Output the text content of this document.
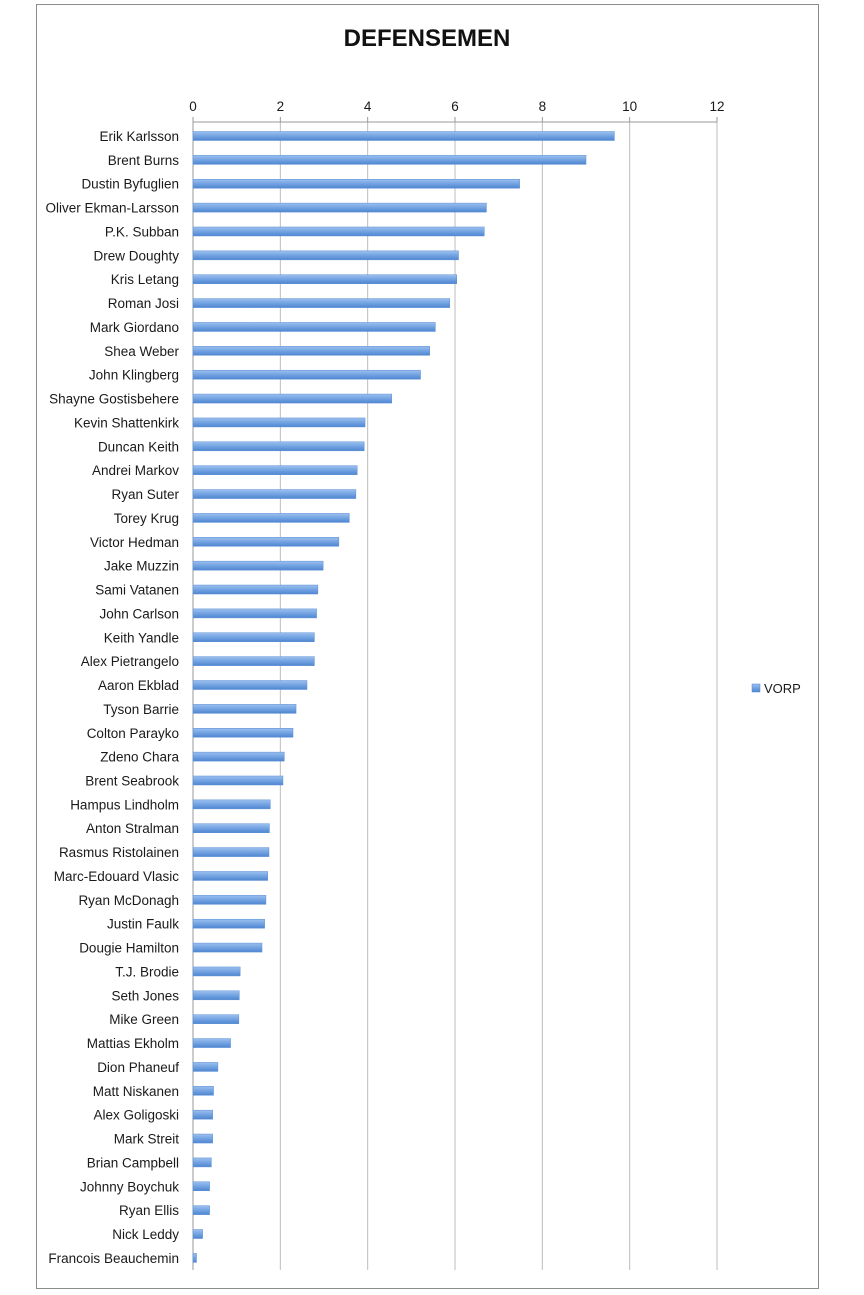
DEFENSEMEN
0	2	4	6	8	10	12
Erik Karlsson
Brent Burns
Dustin Byfuglien
Oliver Ekman-Larsson
P.K. Subban
Drew Doughty
Kris Letang
Roman Josi
Mark Giordano
Shea Weber
John Klingberg
Shayne Gostisbehere
Kevin Shattenkirk
Duncan Keith
Andrei Markov
Ryan Suter
Torey Krug
Victor Hedman
Jake Muzzin
Sami Vatanen
John Carlson
Keith Yandle
Alex Pietrangelo
Aaron Ekblad
Tyson Barrie
Colton Parayko
Zdeno Chara
Brent Seabrook
Hampus Lindholm
Anton Stralman
Rasmus Ristolainen
Marc-Edouard Vlasic
Ryan McDonagh
Justin Faulk
Dougie Hamilton
T.J. Brodie
Seth Jones
Mike Green
Mattias Ekholm
Dion Phaneuf
Matt Niskanen
Alex Goligoski
Mark Streit
Brian Campbell
Johnny Boychuk
Ryan Ellis
Nick Leddy
Francois Beauchemin
VORP
